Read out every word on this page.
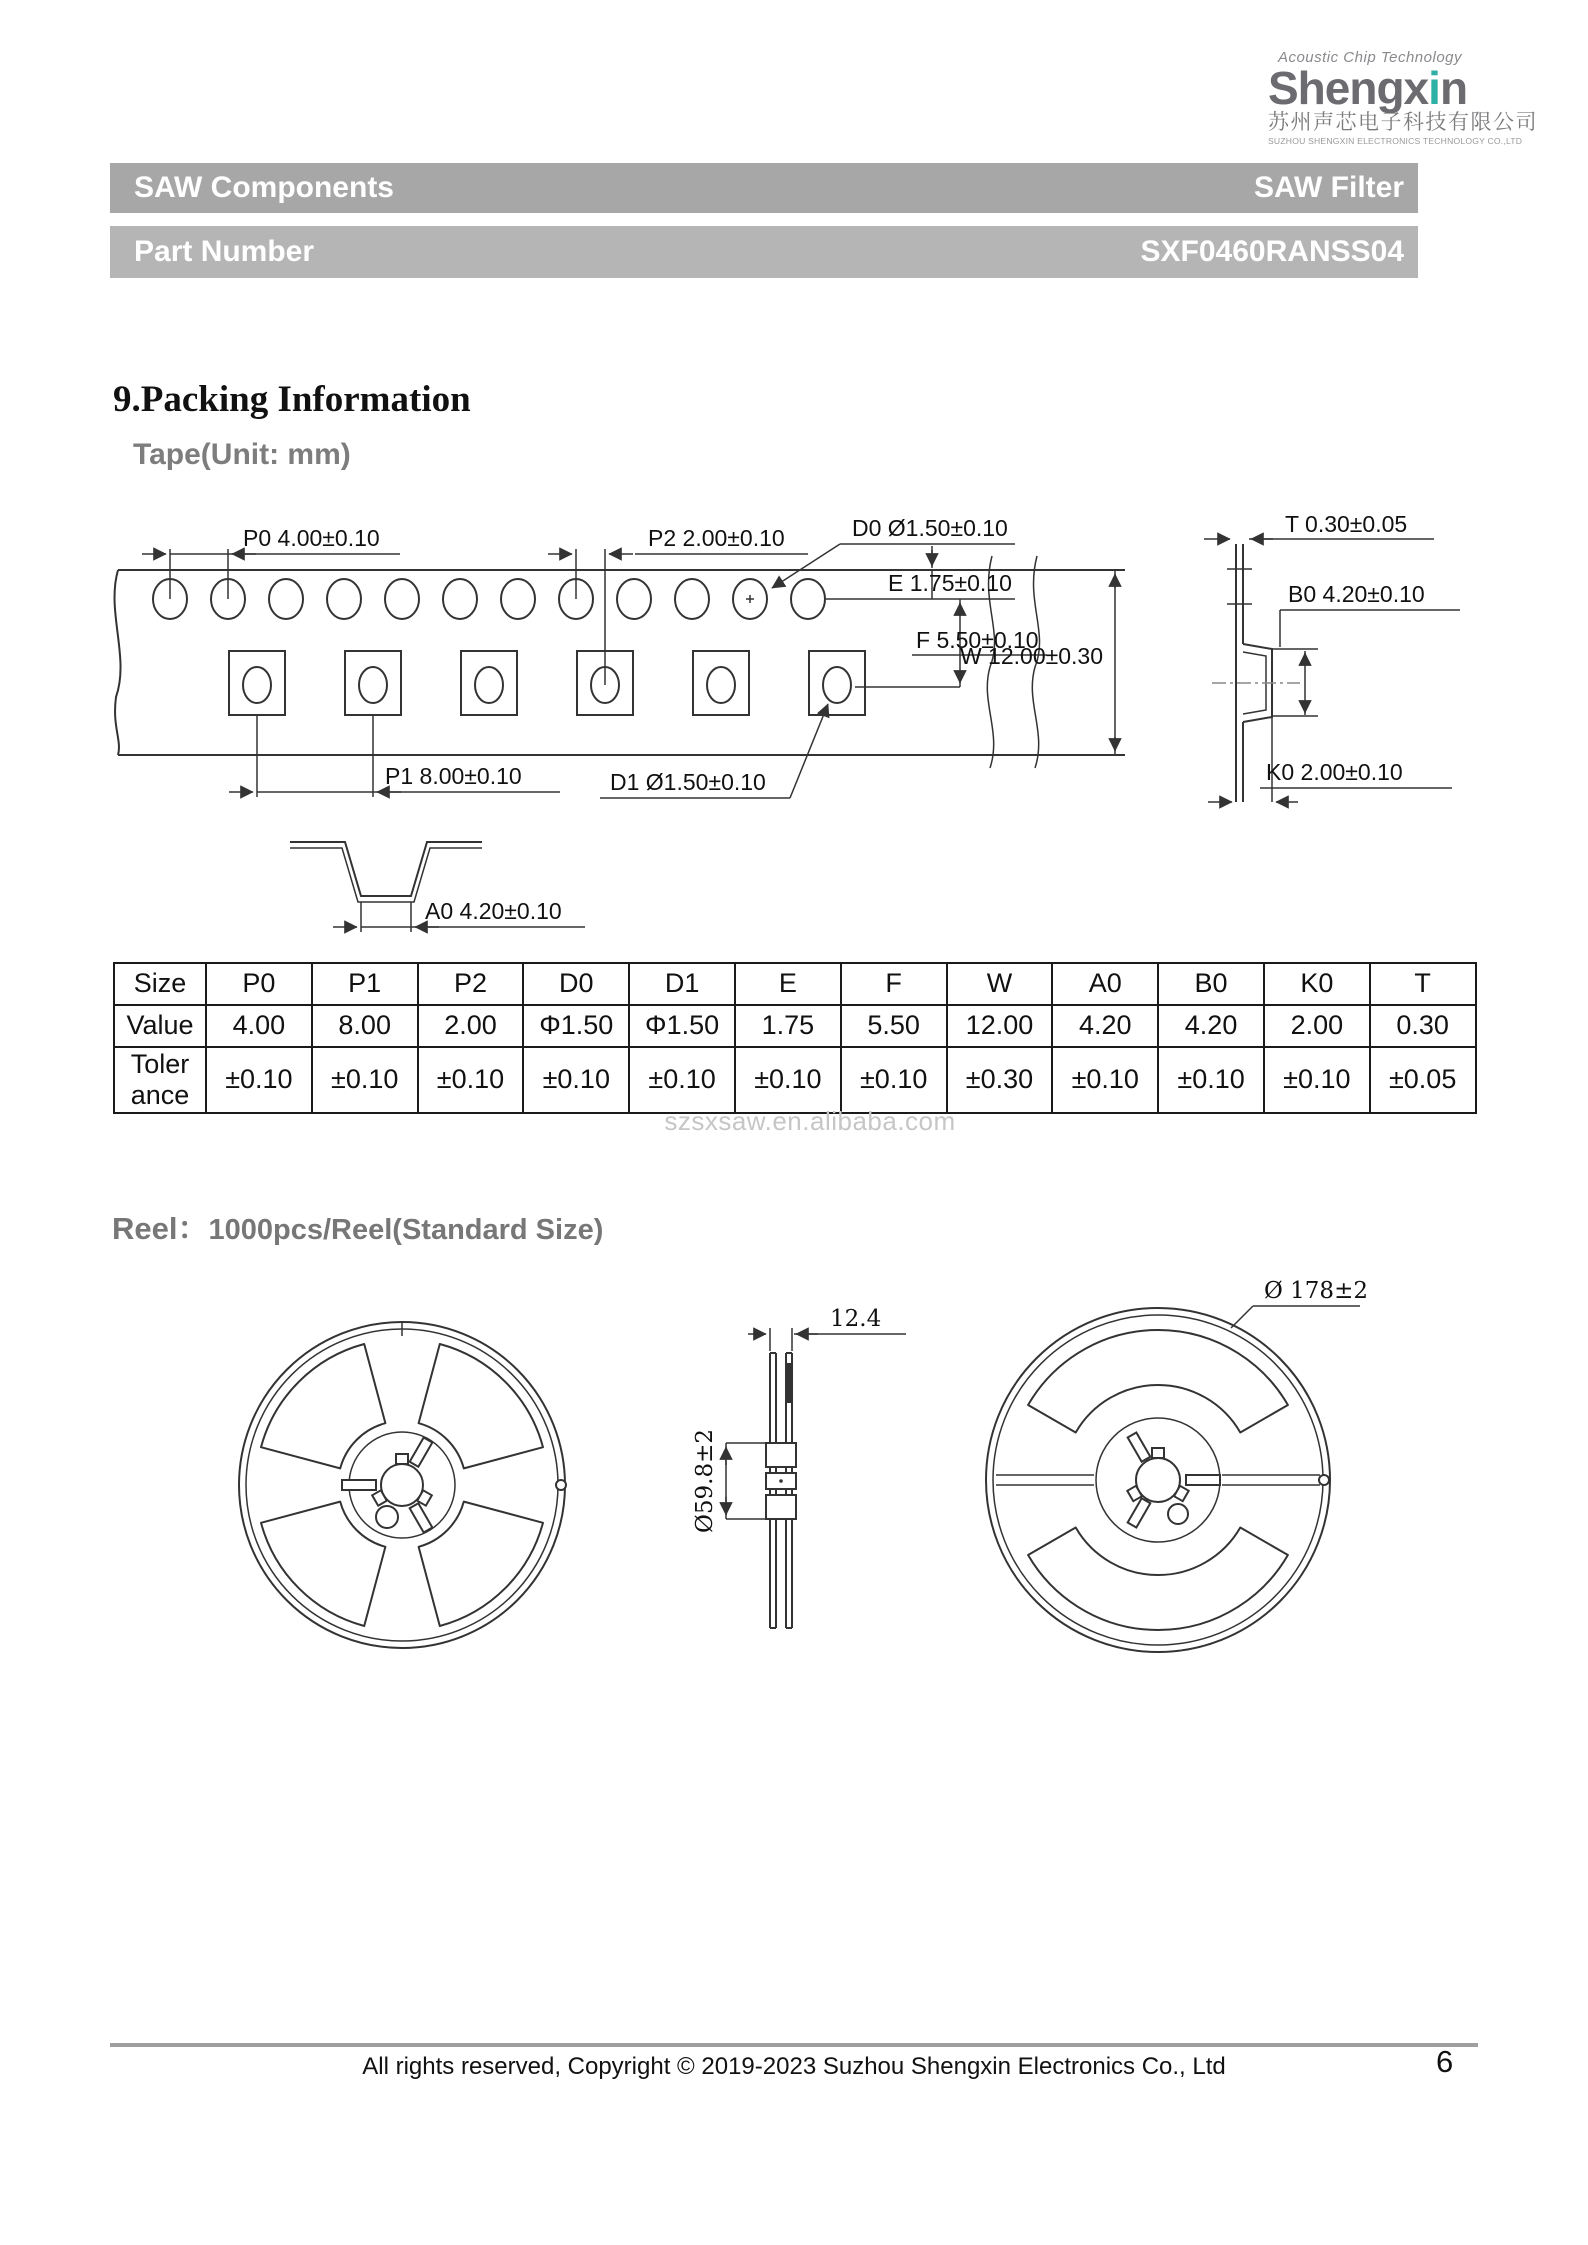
Acoustic Chip Technology
Shengxin
苏州声芯电子科技有限公司
SUZHOU SHENGXIN ELECTRONICS TECHNOLOGY CO.,LTD
SAW Components	SAW Filter
Part Number	SXF0460RANSS04
9.Packing Information
Tape(Unit: mm)
P0 4.00±0.10	P2 2.00±0.10	D0 Ø1.50±0.10
E 1.75±0.10
F 5.50±0.10
W 12.00±0.30
P1 8.00±0.10	D1 Ø1.50±0.10
A0 4.20±0.10
T 0.30±0.05
B0 4.20±0.10
K0 2.00±0.10
Size	P0	P1	P2	D0	D1	E	F	W	A0	B0	K0	T
Value	4.00	8.00	2.00	Φ1.50	Φ1.50	1.75	5.50	12.00	4.20	4.20	2.00	0.30

Toler
ance	±0.10	±0.10	±0.10	±0.10	±0.10	±0.10	±0.10	±0.30	±0.10	±0.10	±0.10	±0.05
szsxsaw.en.alibaba.com
Reel：1000pcs/Reel(Standard Size)
12.4
Ø59.8±2
Ø 178±2
All rights reserved, Copyright © 2019-2023 Suzhou Shengxin Electronics Co., Ltd	6
